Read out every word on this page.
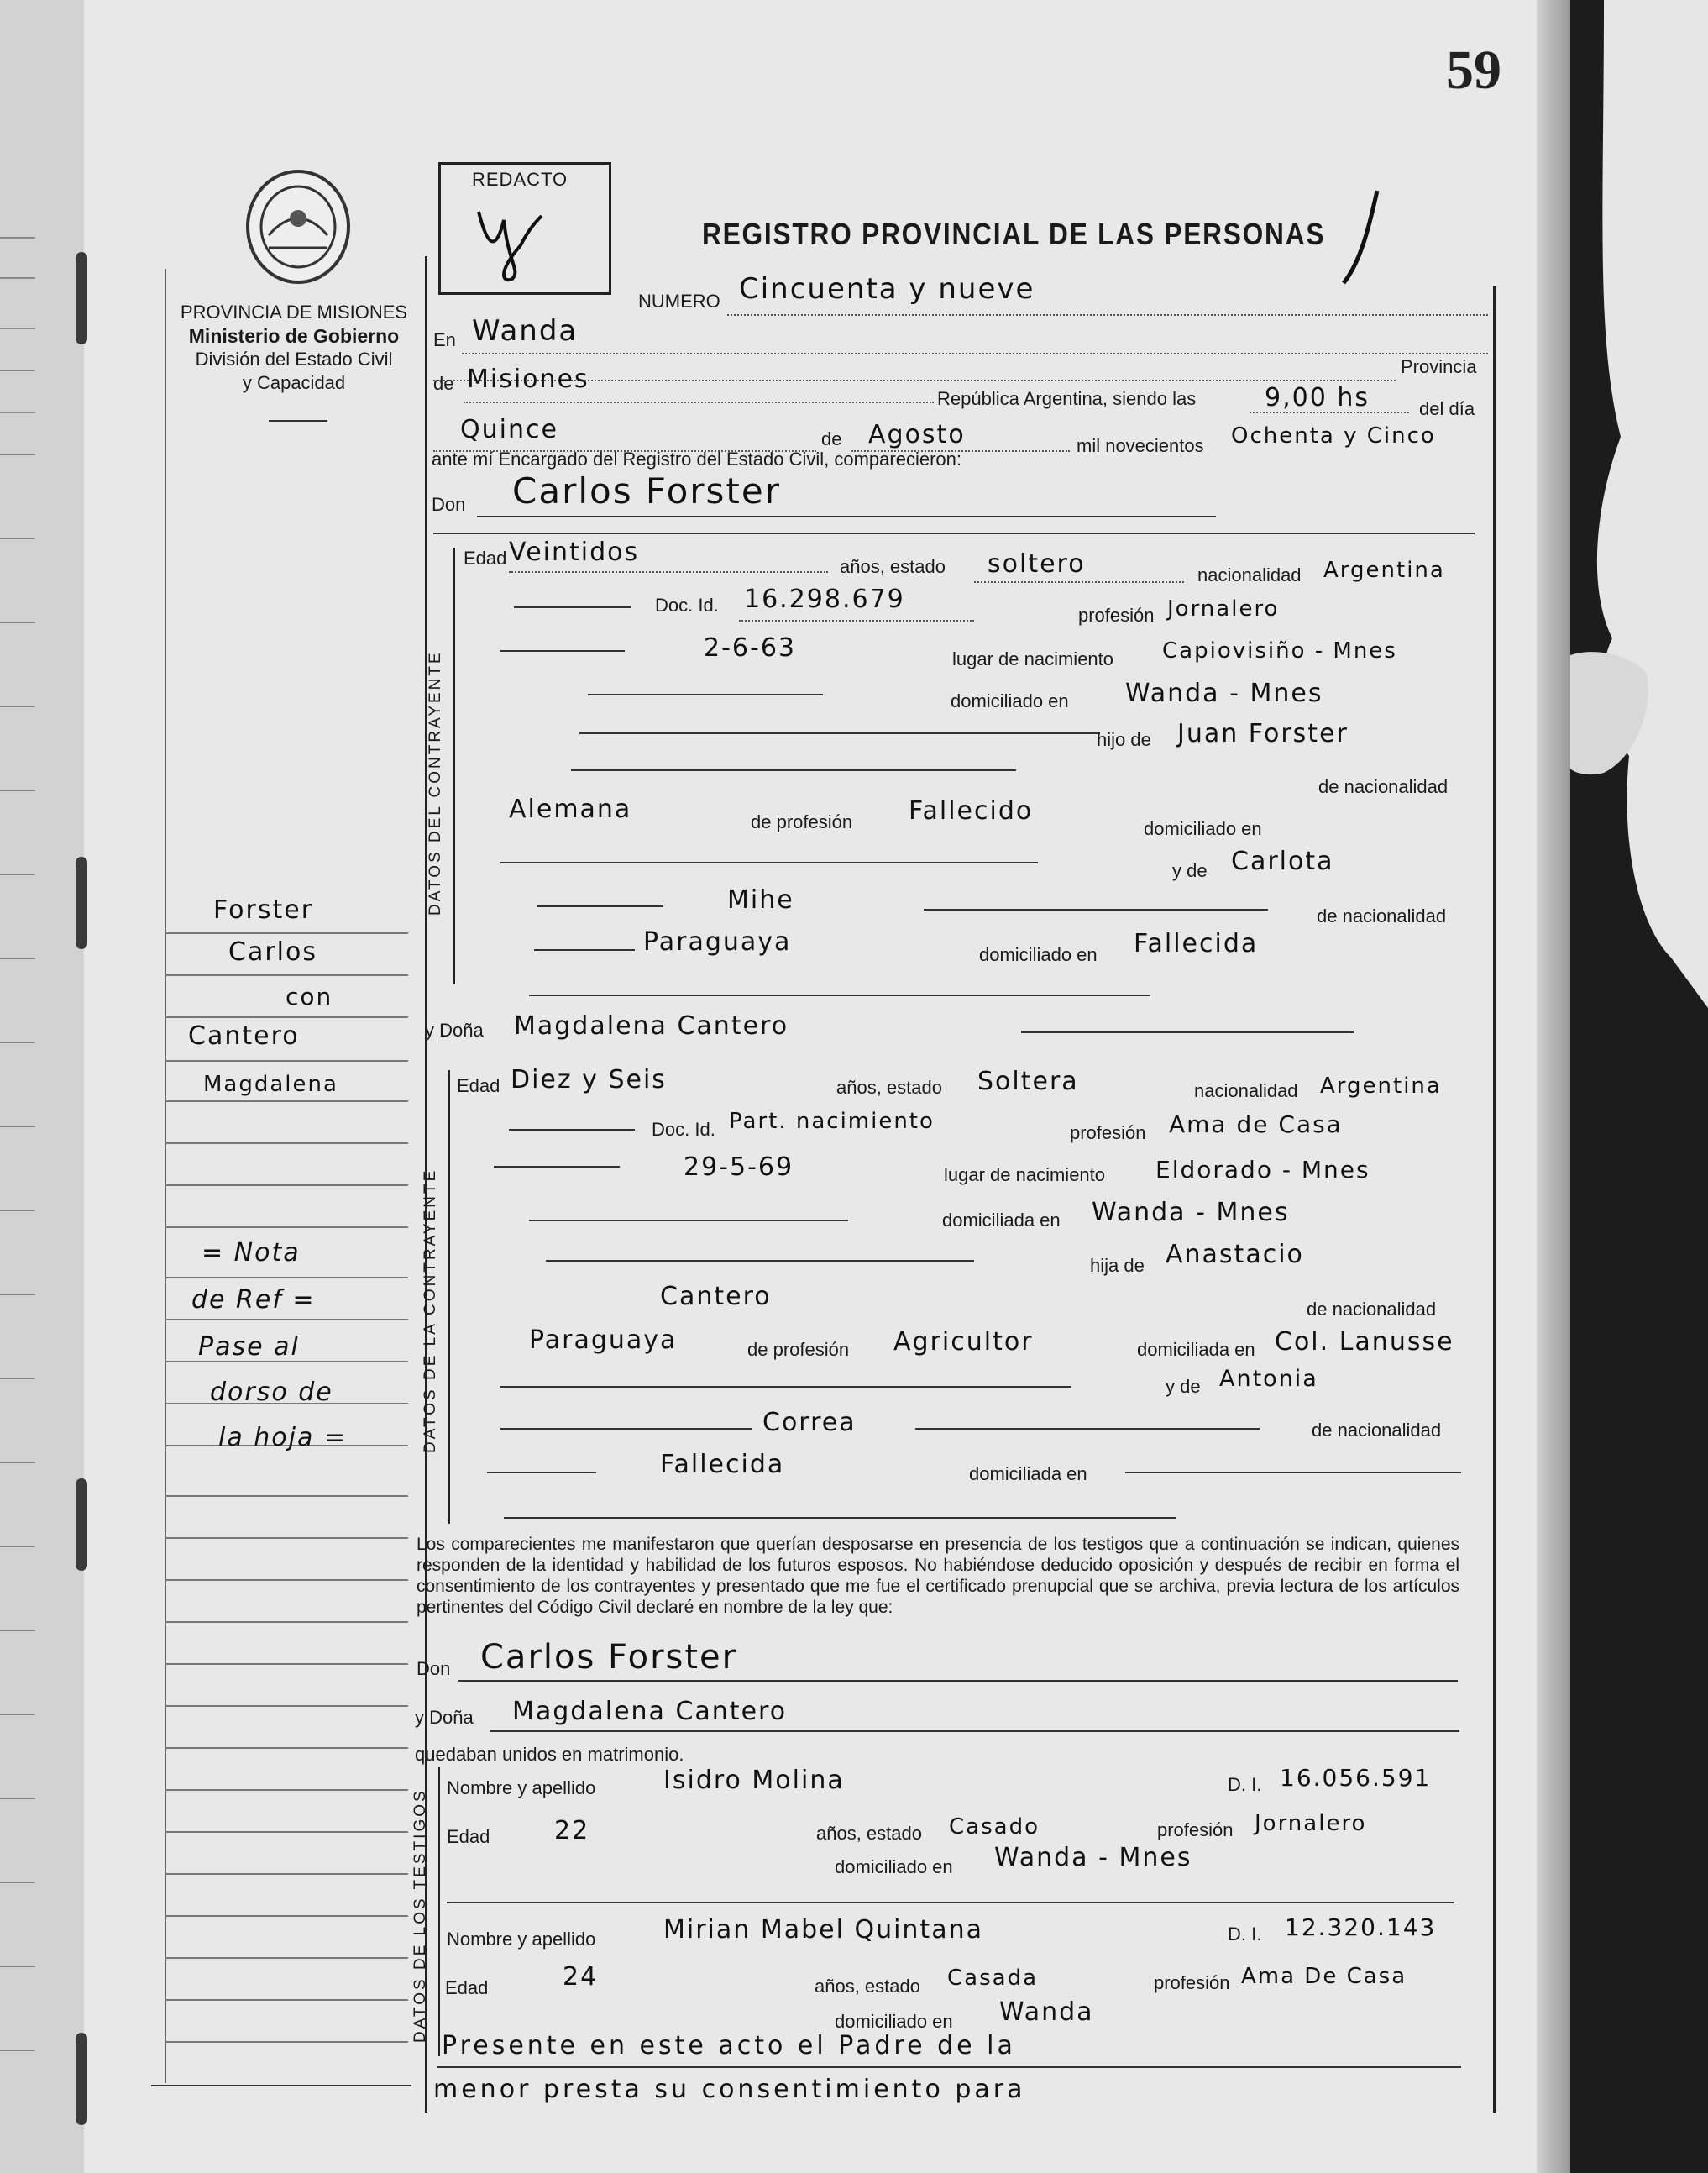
59
PROVINCIA DE MISIONES
Ministerio de Gobierno
División del Estado Civil
y Capacidad
REDACTO
REGISTRO PROVINCIAL DE LAS PERSONAS
NUMERO Cincuenta y nueve
En Wanda
Provincia
de Misiones
República Argentina, siendo las	9,00 hs	del día
Quince	de Agosto	mil novecientos Ochenta y Cinco
ante mí Encargado del Registro del Estado Civil, comparecieron:
Don Carlos Forster
DATOS DEL CONTRAYENTE
Edad Veintidos	años, estado soltero	nacionalidad Argentina
Doc. Id. 16.298.679
profesión Jornalero
2-6-63	lugar de nacimiento Capiovisiño - Mnes
domiciliado en Wanda - Mnes
hijo de Juan Forster
de nacionalidad
Alemana	de profesión Fallecido
domiciliado en
y de Carlota
Mihe
de nacionalidad
Paraguaya	domiciliado en Fallecida
y Doña Magdalena Cantero
DATOS DE LA CONTRAYENTE
Edad Diez y Seis	años, estado Soltera	nacionalidad Argentina
Doc. Id. Part. nacimiento	profesión Ama de Casa
29-5-69	lugar de nacimiento Eldorado - Mnes
domiciliada en Wanda - Mnes
hija de Anastacio
Cantero	de nacionalidad
Paraguaya	de profesión Agricultor	domiciliada en Col. Lanusse
y de Antonia
Correa	de nacionalidad
Fallecida	domiciliada en
Los comparecientes me manifestaron que querían desposarse en presencia de los testigos que a continuación se indican, quienes responden de la identidad y habilidad de los futuros esposos. No habiéndose deducido oposición y después de recibir en forma el consentimiento de los contrayentes y presentado que me fue el certificado prenupcial que se archiva, previa lectura de los artículos pertinentes del Código Civil declaré en nombre de la ley que:
Don Carlos Forster
y Doña Magdalena Cantero
quedaban unidos en matrimonio.
DATOS DE LOS TESTIGOS
Nombre y apellido	Isidro Molina	D. I. 16.056.591
Edad	22	años, estado Casado	profesión Jornalero
domiciliado en Wanda - Mnes
Nombre y apellido	Mirian Mabel Quintana	D. I. 12.320.143
Edad	24	años, estado Casada	profesión Ama De Casa
domiciliado en Wanda
Presente en este acto el Padre de la
menor presta su consentimiento para
Forster
Carlos
con
Cantero
Magdalena
= Nota
de Ref =
Pase al
dorso de
la hoja =
